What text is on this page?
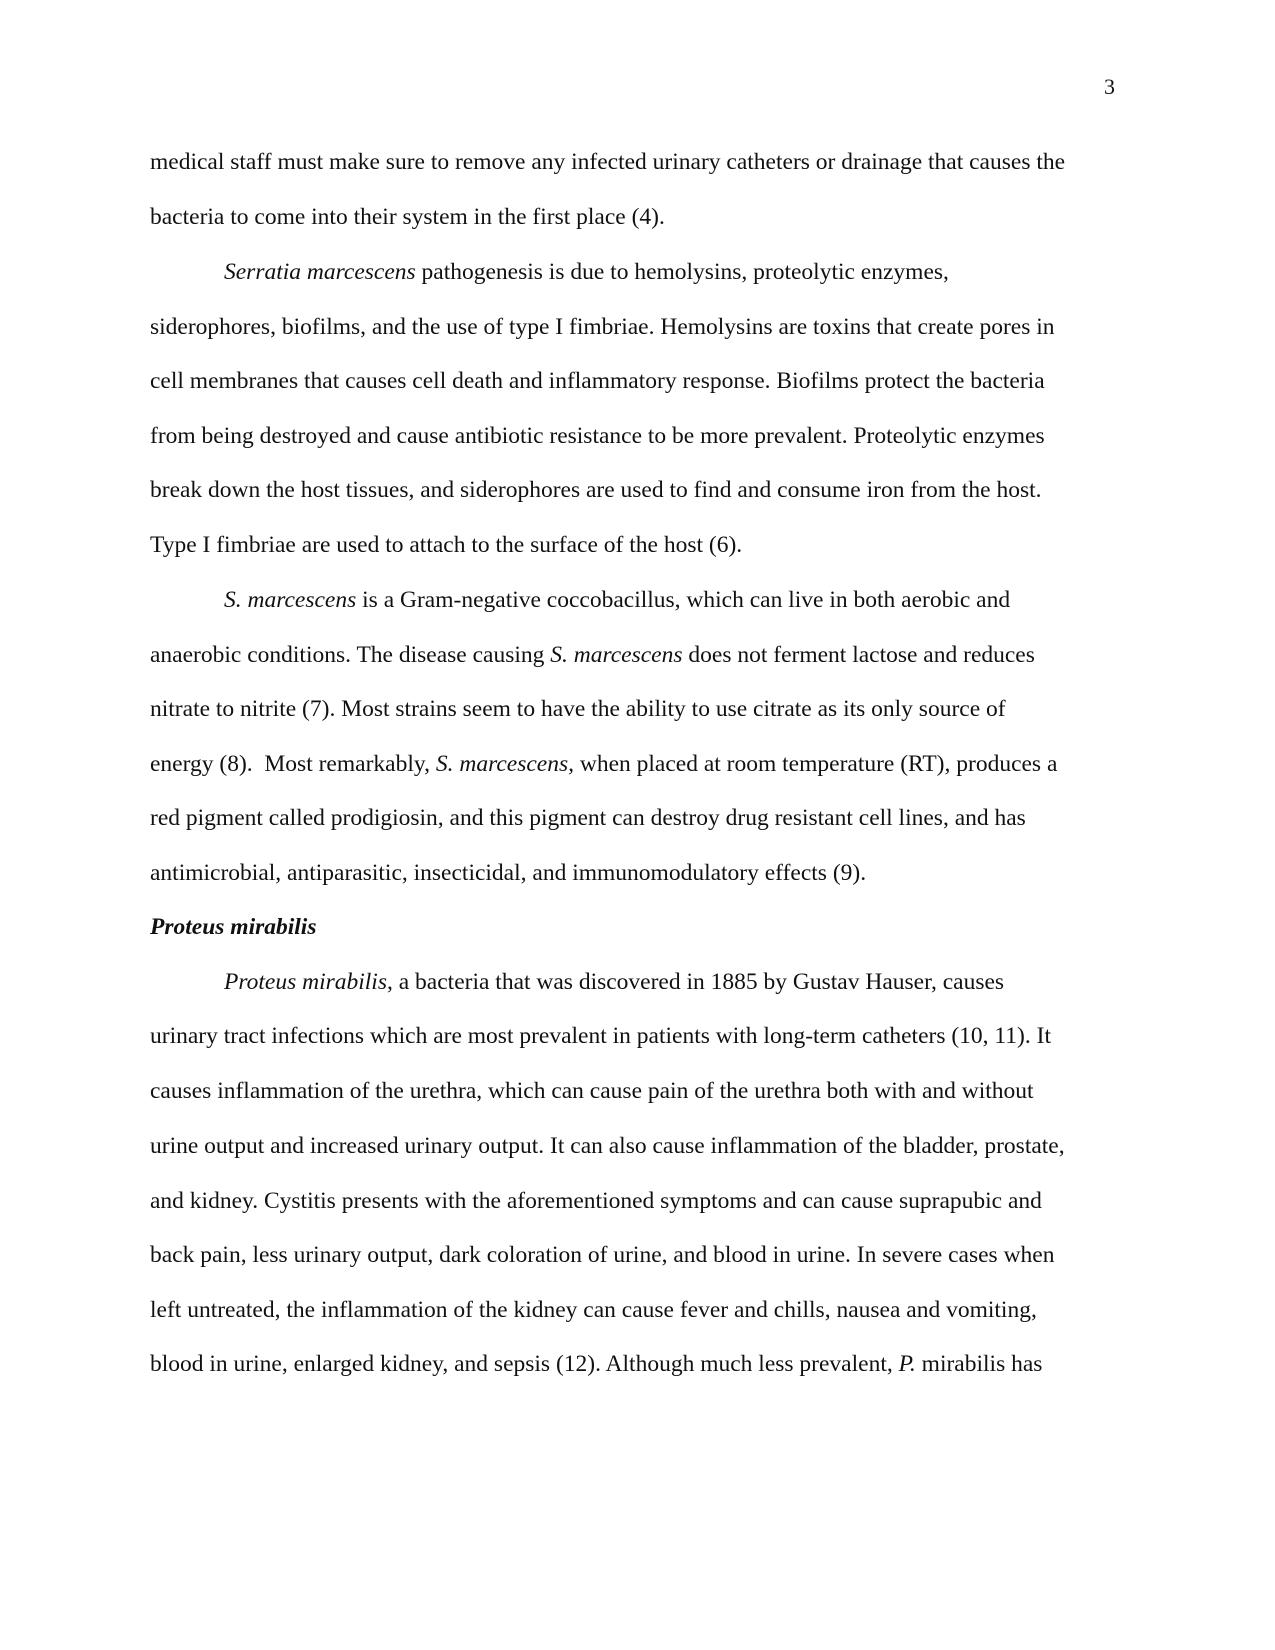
3
medical staff must make sure to remove any infected urinary catheters or drainage that causes the
bacteria to come into their system in the first place (4).
Serratia marcescens pathogenesis is due to hemolysins, proteolytic enzymes,
siderophores, biofilms, and the use of type I fimbriae. Hemolysins are toxins that create pores in
cell membranes that causes cell death and inflammatory response. Biofilms protect the bacteria
from being destroyed and cause antibiotic resistance to be more prevalent. Proteolytic enzymes
break down the host tissues, and siderophores are used to find and consume iron from the host.
Type I fimbriae are used to attach to the surface of the host (6).
S. marcescens is a Gram-negative coccobacillus, which can live in both aerobic and
anaerobic conditions. The disease causing S. marcescens does not ferment lactose and reduces
nitrate to nitrite (7). Most strains seem to have the ability to use citrate as its only source of
energy (8).  Most remarkably, S. marcescens, when placed at room temperature (RT), produces a
red pigment called prodigiosin, and this pigment can destroy drug resistant cell lines, and has
antimicrobial, antiparasitic, insecticidal, and immunomodulatory effects (9).
Proteus mirabilis
Proteus mirabilis, a bacteria that was discovered in 1885 by Gustav Hauser, causes
urinary tract infections which are most prevalent in patients with long-term catheters (10, 11). It
causes inflammation of the urethra, which can cause pain of the urethra both with and without
urine output and increased urinary output. It can also cause inflammation of the bladder, prostate,
and kidney. Cystitis presents with the aforementioned symptoms and can cause suprapubic and
back pain, less urinary output, dark coloration of urine, and blood in urine. In severe cases when
left untreated, the inflammation of the kidney can cause fever and chills, nausea and vomiting,
blood in urine, enlarged kidney, and sepsis (12). Although much less prevalent, P. mirabilis has
